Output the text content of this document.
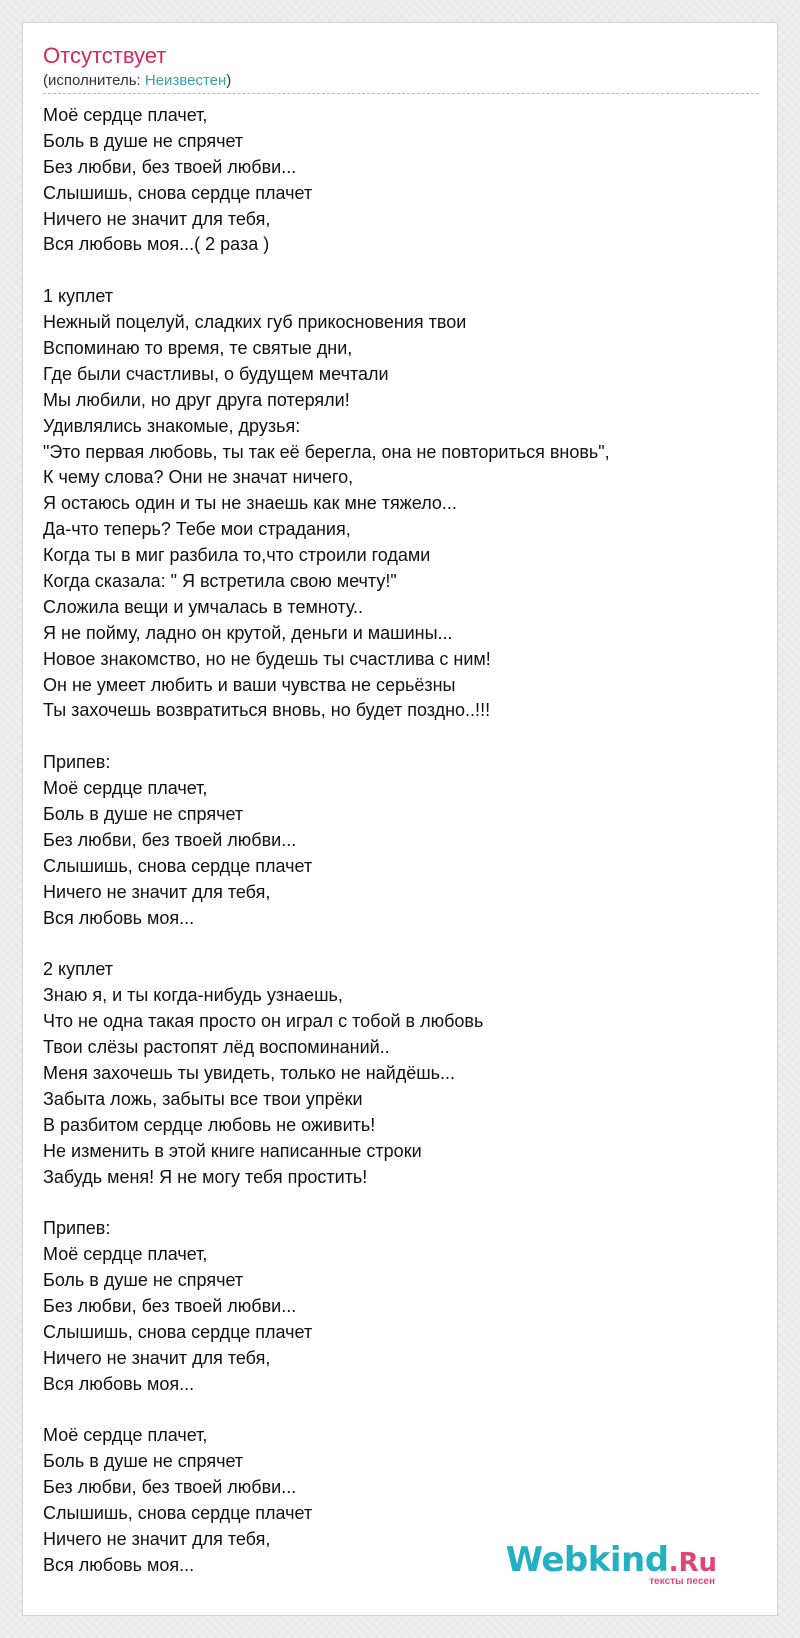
Отсутствует
(исполнитель: Неизвестен)
Моё сердце плачет,
Боль в душе не спрячет
Без любви, без твоей любви...
Слышишь, снова сердце плачет
Ничего не значит для тебя,
Вся любовь моя...( 2 раза )
1 куплет
Нежный поцелуй, сладких губ прикосновения твои
Вспоминаю то время, те святые дни,
Где были счастливы, о будущем мечтали
Мы любили, но друг друга потеряли!
Удивлялись знакомые, друзья:
"Это первая любовь, ты так её берегла, она не повториться вновь",
К чему слова? Они не значат ничего,
Я остаюсь один и ты не знаешь как мне тяжело...
Да-что теперь? Тебе мои страдания,
Когда ты в миг разбила то,что строили годами
Когда сказала: " Я встретила свою мечту!"
Сложила вещи и умчалась в темноту..
Я не пойму, ладно он крутой, деньги и машины...
Новое знакомство, но не будешь ты счастлива с ним!
Он не умеет любить и ваши чувства не серьёзны
Ты захочешь возвратиться вновь, но будет поздно..!!!
Припев:
Моё сердце плачет,
Боль в душе не спрячет
Без любви, без твоей любви...
Слышишь, снова сердце плачет
Ничего не значит для тебя,
Вся любовь моя...
2 куплет
Знаю я, и ты когда-нибудь узнаешь,
Что не одна такая просто он играл с тобой в любовь
Твои слёзы растопят лёд воспоминаний..
Меня захочешь ты увидеть, только не найдёшь...
Забыта ложь, забыты все твои упрёки
В разбитом сердце любовь не оживить!
Не изменить в этой книге написанные строки
Забудь меня! Я не могу тебя простить!
Припев:
Моё сердце плачет,
Боль в душе не спрячет
Без любви, без твоей любви...
Слышишь, снова сердце плачет
Ничего не значит для тебя,
Вся любовь моя...
Моё сердце плачет,
Боль в душе не спрячет
Без любви, без твоей любви...
Слышишь, снова сердце плачет
Ничего не значит для тебя,
Вся любовь моя...	Webkind.Ru
тексты песен
